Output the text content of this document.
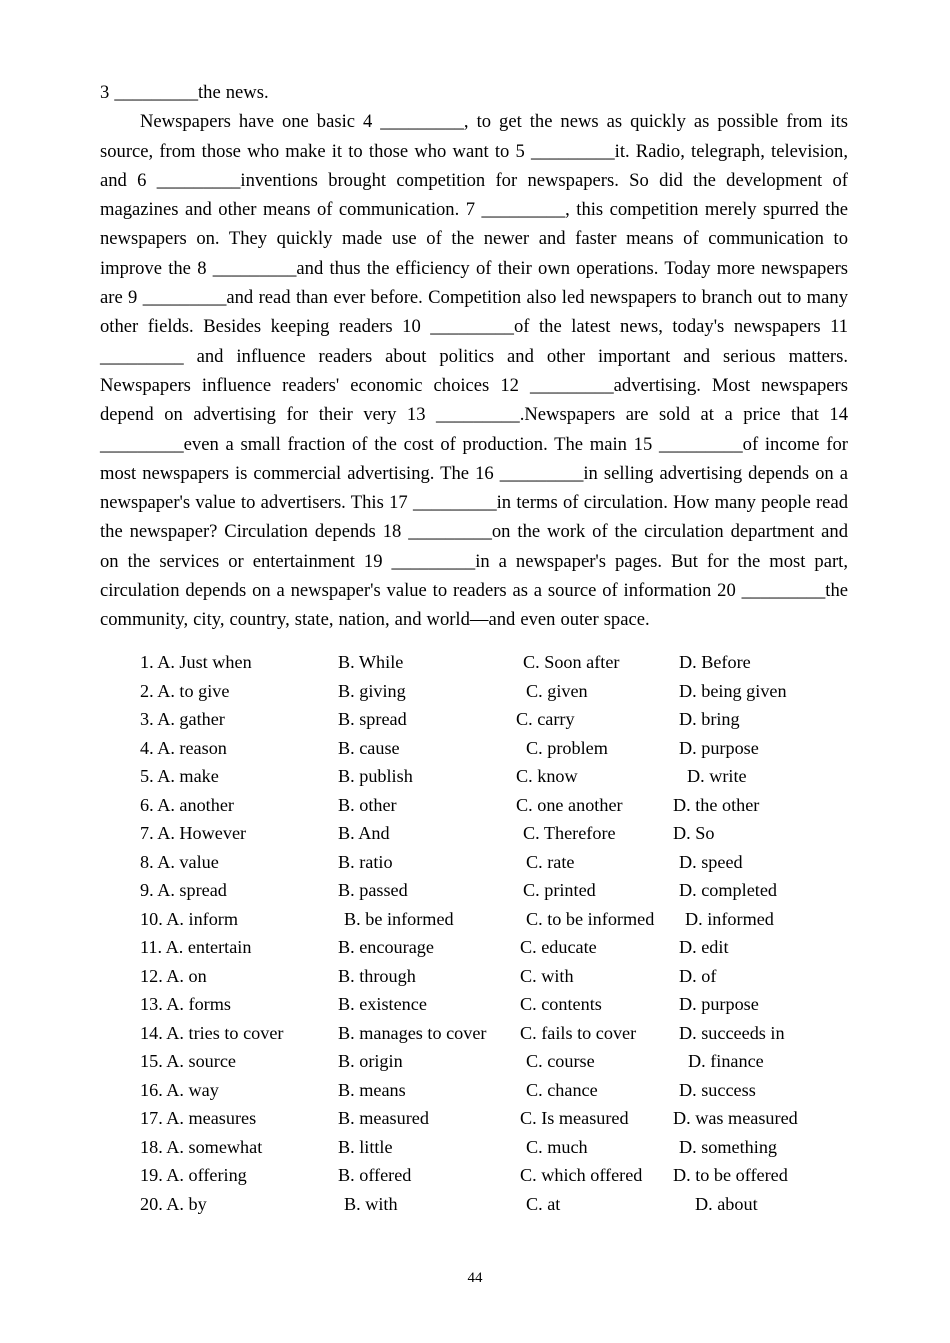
3 _________the news.

Newspapers have one basic 4 _________, to get the news as quickly as possible from its source, from those who make it to those who want to 5 _________it. Radio, telegraph, television, and 6 _________inventions brought competition for newspapers. So did the development of magazines and other means of communication. 7 _________, this competition merely spurred the newspapers on. They quickly made use of the newer and faster means of communication to improve the 8 _________and thus the efficiency of their own operations. Today more newspapers are 9 _________and read than ever before. Competition also led newspapers to branch out to many other fields. Besides keeping readers 10 _________of the latest news, today's newspapers 11 _________ and influence readers about politics and other important and serious matters. Newspapers influence readers' economic choices 12 _________advertising. Most newspapers depend on advertising for their very 13 _________.Newspapers are sold at a price that 14 _________even a small fraction of the cost of production. The main 15 _________of income for most newspapers is commercial advertising. The 16 _________in selling advertising depends on a newspaper's value to advertisers. This 17 _________in terms of circulation. How many people read the newspaper? Circulation depends 18 _________on the work of the circulation department and on the services or entertainment 19 _________in a newspaper's pages. But for the most part, circulation depends on a newspaper's value to readers as a source of information 20 _________the community, city, country, state, nation, and world—and even outer space.

1. A. Just when	B. While	C. Soon after	D. Before
2. A. to give	B. giving	C. given	D. being given
3. A. gather	B. spread	C. carry	D. bring
4. A. reason	B. cause	C. problem	D. purpose
5. A. make	B. publish	C. know	D. write
6. A. another	B. other	C. one another	D. the other
7. A. However	B. And	C. Therefore	D. So
8. A. value	B. ratio	C. rate	D. speed
9. A. spread	B. passed	C. printed	D. completed
10. A. inform	B. be informed	C. to be informed D. informed
11. A. entertain	B. encourage	C. educate	D. edit
12. A. on	B. through	C. with	D. of
13. A. forms	B. existence	C. contents	D. purpose
14. A. tries to cover	B. manages to cover C. fails to cover D. succeeds in
15. A. source	B. origin	C. course	D. finance
16. A. way	B. means	C. chance	D. success
17. A. measures	B. measured	C. Is measured D. was measured
18. A. somewhat	B. little	C. much	D. something
19. A. offering	B. offered	C. which offered D. to be offered
20. A. by	B. with	C. at	D. about
44
